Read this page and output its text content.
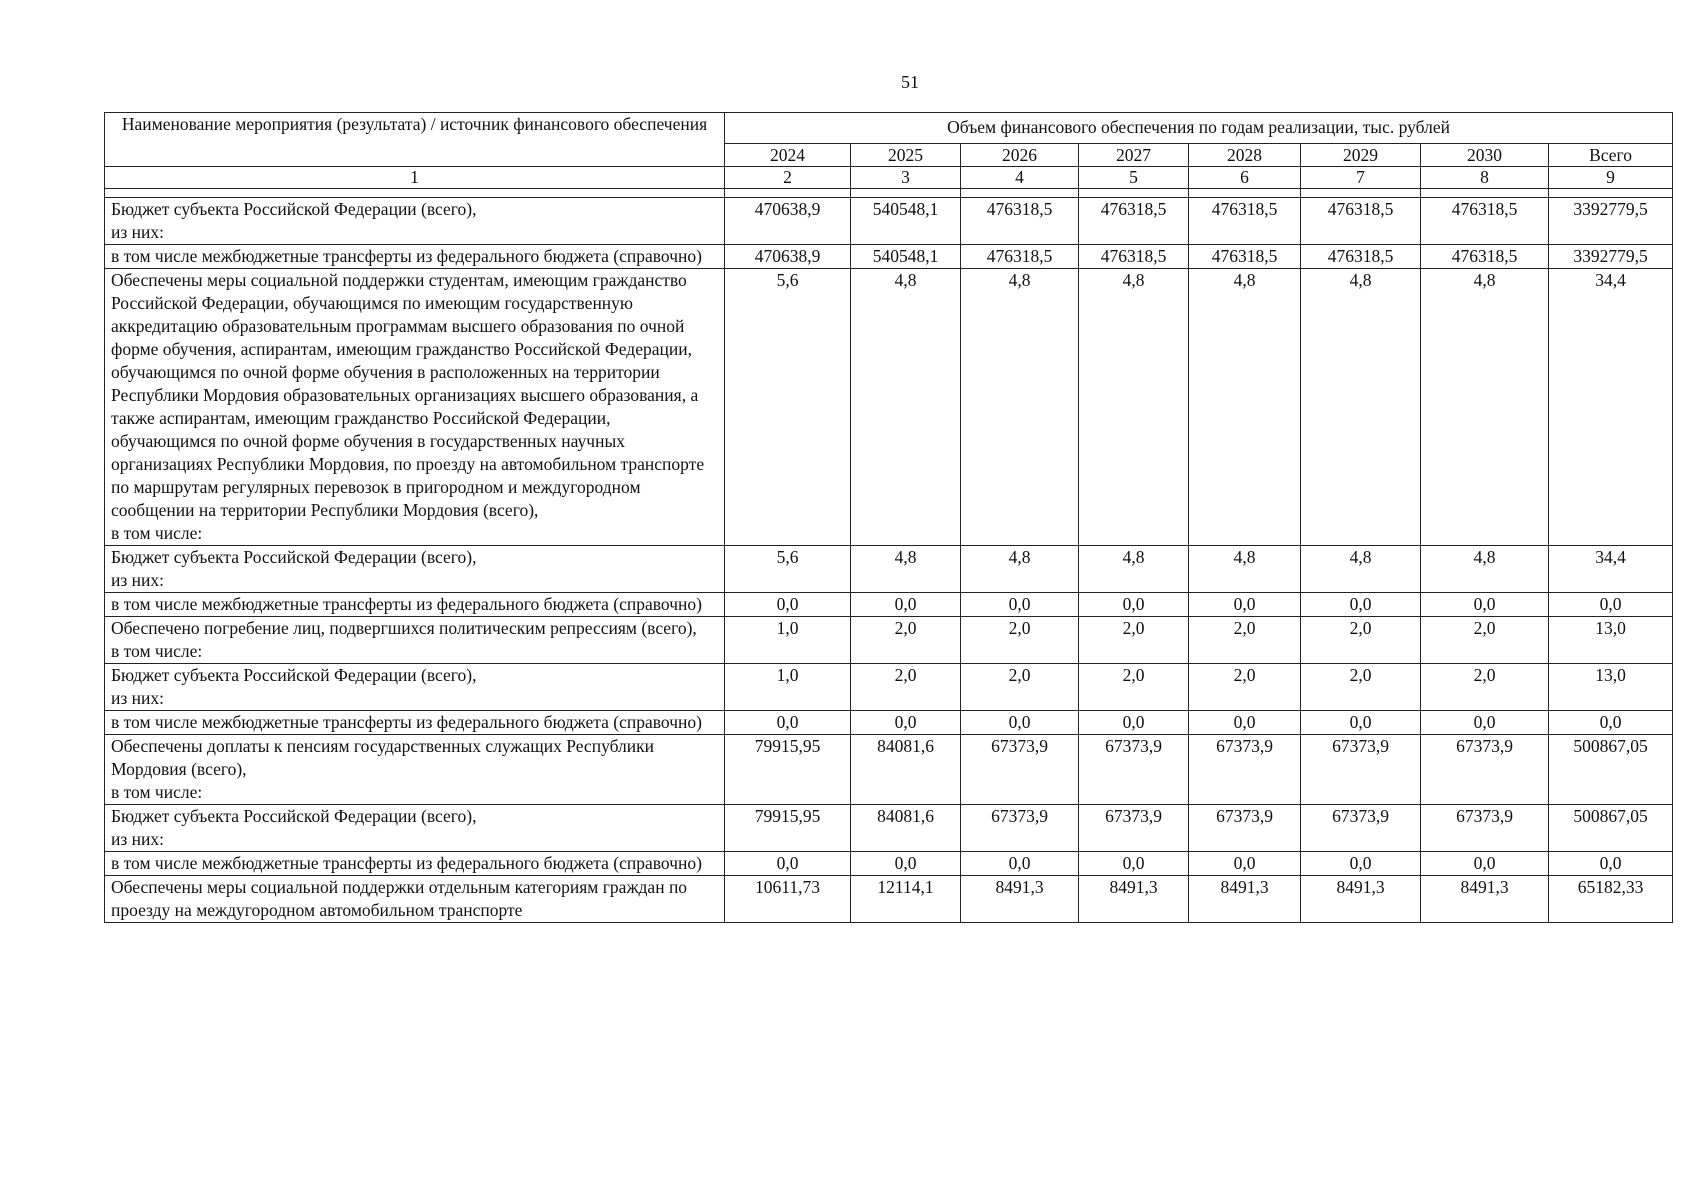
51
Наименование мероприятия (результата) / источник финансового обеспечения	Объем финансового обеспечения по годам реализации, тыс. рублей							
	2024	2025	2026	2027	2028	2029	2030	Всего
1	2	3	4	5	6	7	8	9

Бюджет субъекта Российской Федерации (всего),
из них:	470638,9	540548,1	476318,5	476318,5	476318,5	476318,5	476318,5	3392779,5
в том числе межбюджетные трансферты из федерального бюджета (справочно)	470638,9	540548,1	476318,5	476318,5	476318,5	476318,5	476318,5	3392779,5
Обеспечены меры социальной поддержки студентам, имеющим гражданство Российской Федерации, обучающимся по имеющим государственную аккредитацию образовательным программам высшего образования по очной форме обучения, аспирантам, имеющим гражданство Российской Федерации, обучающимся по очной форме обучения в расположенных на территории Республики Мордовия образовательных организациях высшего образования, а также аспирантам, имеющим гражданство Российской Федерации, обучающимся по очной форме обучения в государственных научных организациях Республики Мордовия, по проезду на автомобильном транспорте по маршрутам регулярных перевозок в пригородном и междугородном сообщении на территории Республики Мордовия (всего),
в том числе:	5,6	4,8	4,8	4,8	4,8	4,8	4,8	34,4
Бюджет субъекта Российской Федерации (всего),
из них:	5,6	4,8	4,8	4,8	4,8	4,8	4,8	34,4
в том числе межбюджетные трансферты из федерального бюджета (справочно)	0,0	0,0	0,0	0,0	0,0	0,0	0,0	0,0
Обеспечено погребение лиц, подвергшихся политическим репрессиям (всего),
в том числе:	1,0	2,0	2,0	2,0	2,0	2,0	2,0	13,0
Бюджет субъекта Российской Федерации (всего),
из них:	1,0	2,0	2,0	2,0	2,0	2,0	2,0	13,0
в том числе межбюджетные трансферты из федерального бюджета (справочно)	0,0	0,0	0,0	0,0	0,0	0,0	0,0	0,0
Обеспечены доплаты к пенсиям государственных служащих Республики Мордовия (всего),
в том числе:	79915,95	84081,6	67373,9	67373,9	67373,9	67373,9	67373,9	500867,05
Бюджет субъекта Российской Федерации (всего),
из них:	79915,95	84081,6	67373,9	67373,9	67373,9	67373,9	67373,9	500867,05
в том числе межбюджетные трансферты из федерального бюджета (справочно)	0,0	0,0	0,0	0,0	0,0	0,0	0,0	0,0
Обеспечены меры социальной поддержки отдельным категориям граждан по проезду на междугородном автомобильном транспорте	10611,73	12114,1	8491,3	8491,3	8491,3	8491,3	8491,3	65182,33
